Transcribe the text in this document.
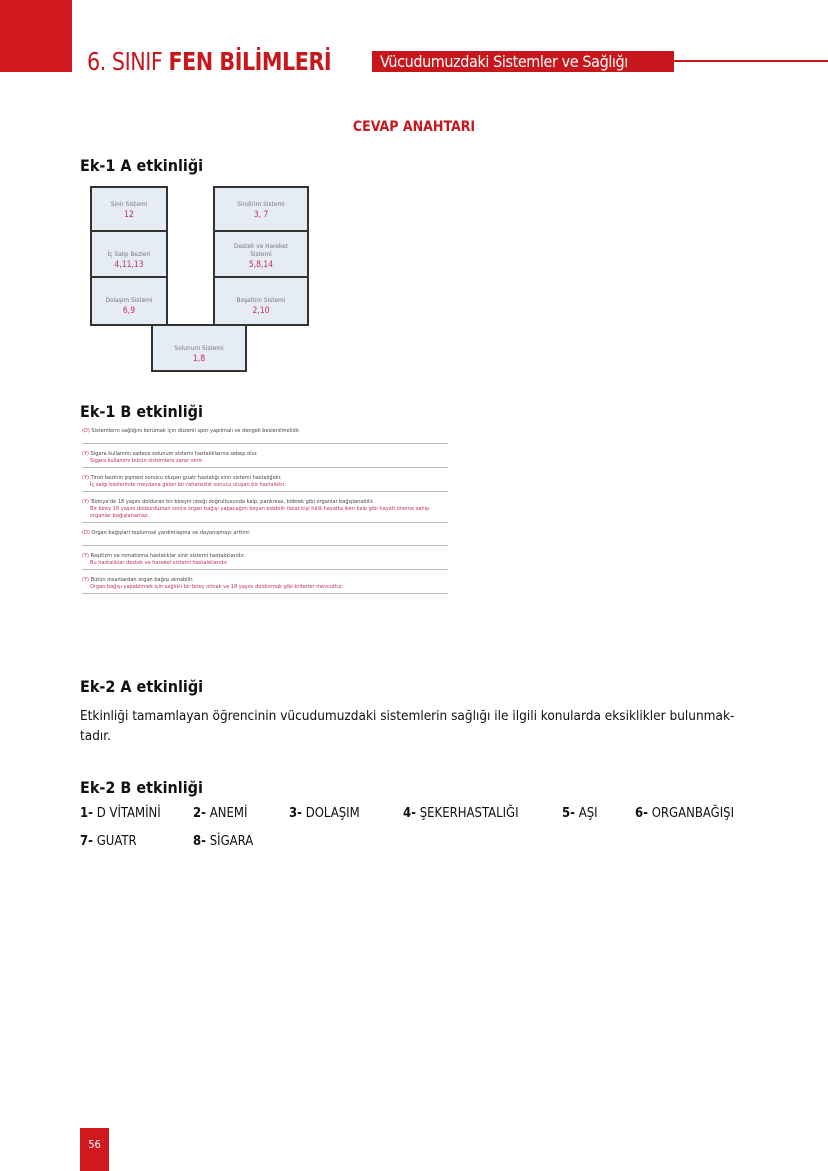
6. SINIF FEN BİLİMLERİ	Vücudumuzdaki Sistemler ve Sağlığı
CEVAP ANAHTARI
Ek-1 A etkinliği
Sinir Sistemi
12
Sindirim Sistemi
3, 7
İç Salgı Bezleri
4,11,13
Destek ve Hareket Sistemi
5,8,14
Dolaşım Sistemi
6,9
Boşaltım Sistemi
2,10
Solunum Sistemi
1,8
Ek-1 B etkinliği
(D) Sistemlerin sağlığını korumak için düzenli spor yapılmalı ve dengeli beslenilmelidir.
(Y) Sigara kullanımı sadece solunum sistemi hastalıklarına sebep olur.
Sigara kullanımı bütün sistemlere zarar verir.
(Y) Tiroit bezinin şişmesi sonucu oluşan guatr hastalığı sinir sistemi hastalığıdır.
İç salgı bezlerinde meydana gelen bir rahatsızlık sonucu oluşan bir hastalıktır.
(Y) Türkiye'de 18 yaşını dolduran bir bireyin isteği doğrultusunda kalp, pankreas, böbrek gibi organlar bağışlanabilir.
Bir birey 18 yaşını doldurduktan sonra organ bağışı yapacağını beyan edebilir fakat kişi hâlâ hayatta iken kalp gibi hayati öneme sahip organlar bağışlanamaz.
(D) Organ bağışları toplumsal yardımlaşma ve dayanışmayı arttırır.
(Y) Raşitizm ve romatizma hastalıklar sinir sistemi hastalıklarıdır.
Bu hastalıklar destek ve hareket sistemi hastalıklarıdır.
(Y) Bütün insanlardan organ bağışı alınabilir.
Organ bağışı yapabilmek için sağlıklı bir birey olmak ve 18 yaşını doldurmak gibi kriterler mevcuttur.
Ek-2 A etkinliği
Etkinliği tamamlayan öğrencinin vücudumuzdaki sistemlerin sağlığı ile ilgili konularda eksiklikler bulunmak-tadır.
Ek-2 B etkinliği
1- D VİTAMİNİ 2- ANEMİ	3- DOLAŞIM	4- ŞEKERHASTALIĞI	5- AŞI	6- ORGANBAĞIŞI
7- GUATR	8- SİGARA
56
